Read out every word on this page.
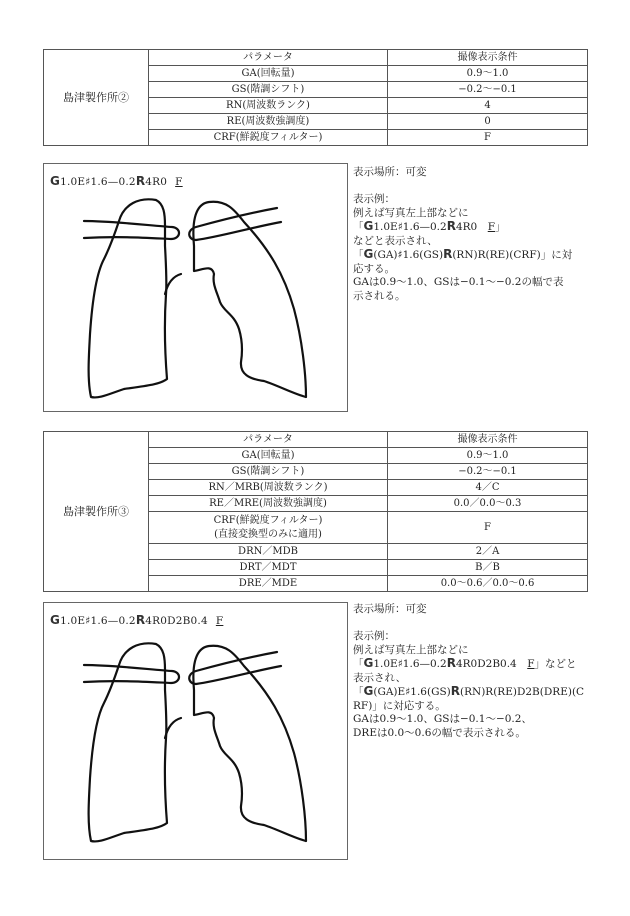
島津製作所②	パラメータ	撮像表示条件
	GA(回転量)	0.9〜1.0
	GS(階調シフト)	−0.2〜−0.1
	RN(周波数ランク)	4
	RE(周波数強調度)	0
	CRF(鮮鋭度フィルター)	F
G1.0E♯1.6—0.2R4R0 F

表示場所：可変

表示例：

例えば写真左上部などに

「G1.0E♯1.6—0.2R4R0　F」

などと表示され、

「G(GA)♯1.6(GS)R(RN)R(RE)(CRF)」に対

応する。

GAは0.9〜1.0、GSは−0.1〜−0.2の幅で表

示される。

島津製作所③	パラメータ	撮像表示条件
	GA(回転量)	0.9〜1.0
	GS(階調シフト)	−0.2〜−0.1
	RN／MRB(周波数ランク)	4／C
	RE／MRE(周波数強調度)	0.0／0.0〜0.3
	CRF(鮮鋭度フィルター)
(直接変換型のみに適用)	F
	DRN／MDB	2／A
	DRT／MDT	B／B
	DRE／MDE	0.0〜0.6／0.0〜0.6
G1.0E♯1.6—0.2R4R0D2B0.4 F

表示場所：可変

表示例：

例えば写真左上部などに

「G1.0E♯1.6—0.2R4R0D2B0.4　F」などと

表示され、

「G(GA)E♯1.6(GS)R(RN)R(RE)D2B(DRE)(C

RF)」に対応する。

GAは0.9〜1.0、GSは−0.1〜−0.2、

DREは0.0〜0.6の幅で表示される。
